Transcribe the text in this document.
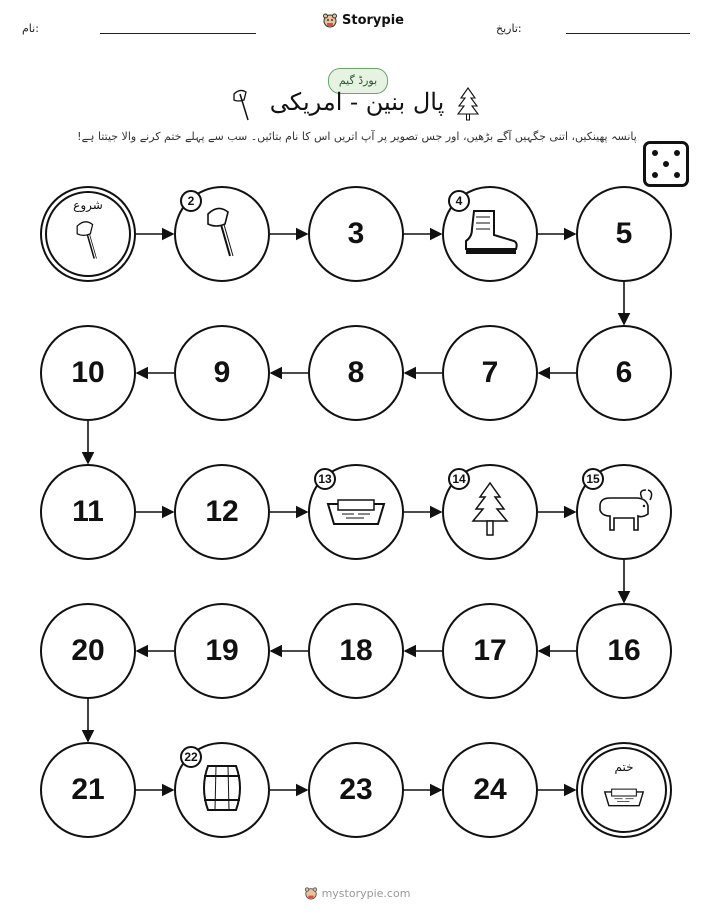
نام:	تاریخ:
Storypie
بورڈ گیم
پال بنین - امریکی
پانسہ پھینکیں، اتنی جگہیں آگے بڑھیں، اور جس تصویر پر آپ اتریں اس کا نام بتائیں۔ سب سے پہلے ختم کرنے والا جیتتا ہے!
شروع	2
3
4
5
6
7
8
9
10
11	12
13	14	15
16
17
18
19
20
21
22
23	24
ختم
mystorypie.com
